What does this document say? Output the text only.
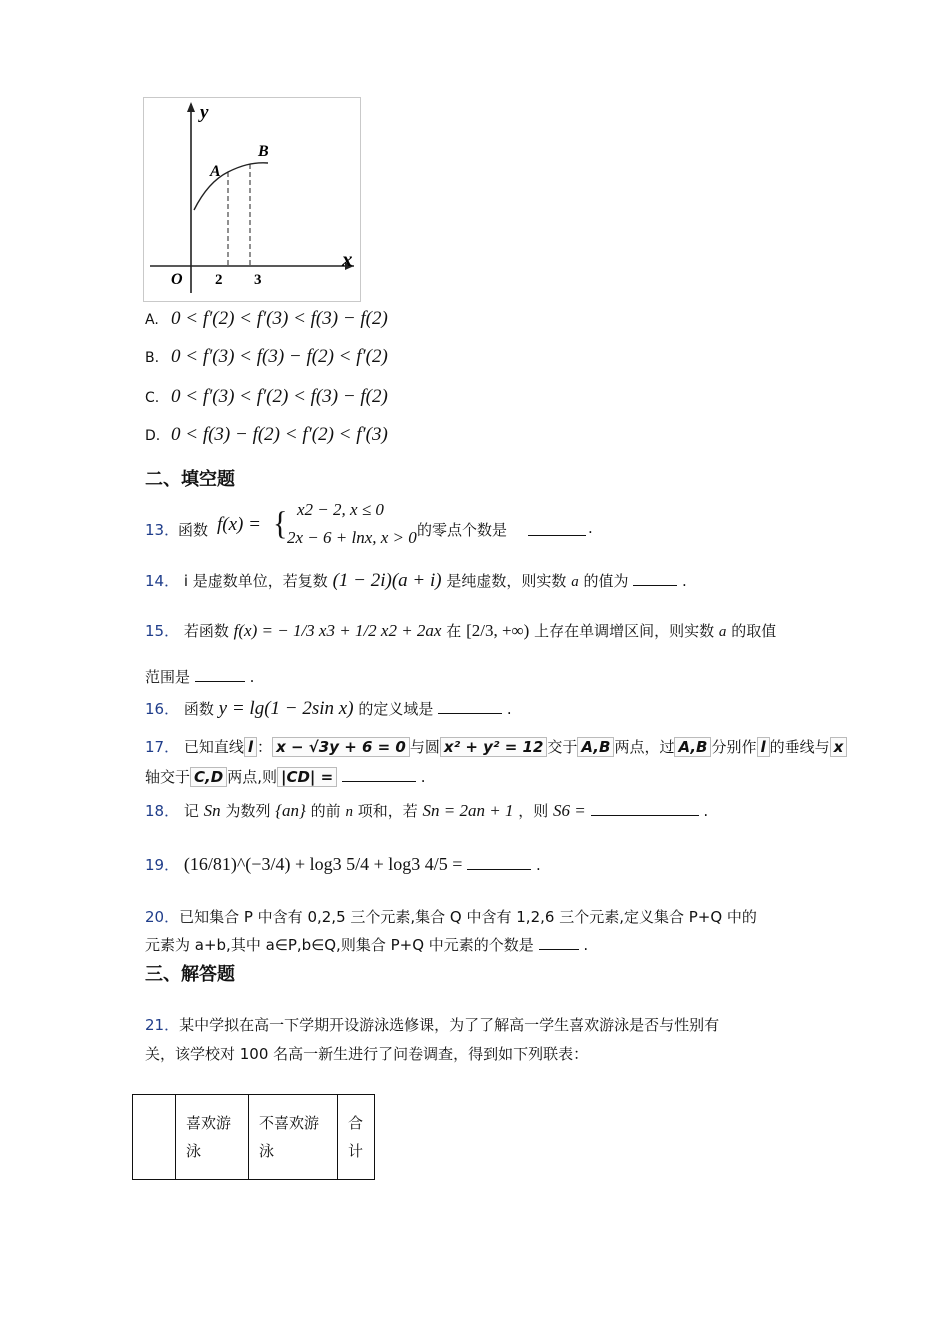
y
x
O
A
B
2 3
A. 0 < f′(2) < f′(3) < f(3) − f(2)
B. 0 < f′(3) < f(3) − f(2) < f′(2)
C. 0 < f′(3) < f′(2) < f(3) − f(2)
D. 0 < f(3) − f(2) < f′(2) < f′(3)
二、填空题
13．
函数 f(x) = { x2 − 2, x ≤ 0
2x − 6 + lnx, x > 0 的零点个数是	.
14． i 是虚数单位，若复数 (1 − 2i)(a + i) 是纯虚数，则实数 a 的值为	.
15． 若函数 f(x) = − 1/3 x3 + 1/2 x2 + 2ax 在 [2/3, +∞) 上存在单调增区间，则实数 a 的取值
范围是	.
16． 函数 y = lg(1 − 2sin x) 的定义域是	.
17． 已知直线 l ： x − √3y + 6 = 0 与圆 x² + y² = 12 交于 A,B 两点，过 A,B 分别作 l 的垂线与 x
轴交于 C,D 两点,则 |CD| =	.
18． 记 Sn 为数列 {an} 的前 n 项和，若 Sn = 2an + 1 ，则 S6 =	.
19． (16/81)^(−3/4) + log3 5/4 + log3 4/5 =	.
20．已知集合 P 中含有 0,2,5 三个元素,集合 Q 中含有 1,2,6 三个元素,定义集合 P+Q 中的
元素为 a+b,其中 a∈P,b∈Q,则集合 P+Q 中元素的个数是	.
三、解答题
21．某中学拟在高一下学期开设游泳选修课，为了了解高一学生喜欢游泳是否与性别有
关，该学校对 100 名高一新生进行了问卷调查，得到如下列联表：
	喜欢游泳	不喜欢游泳	合计
